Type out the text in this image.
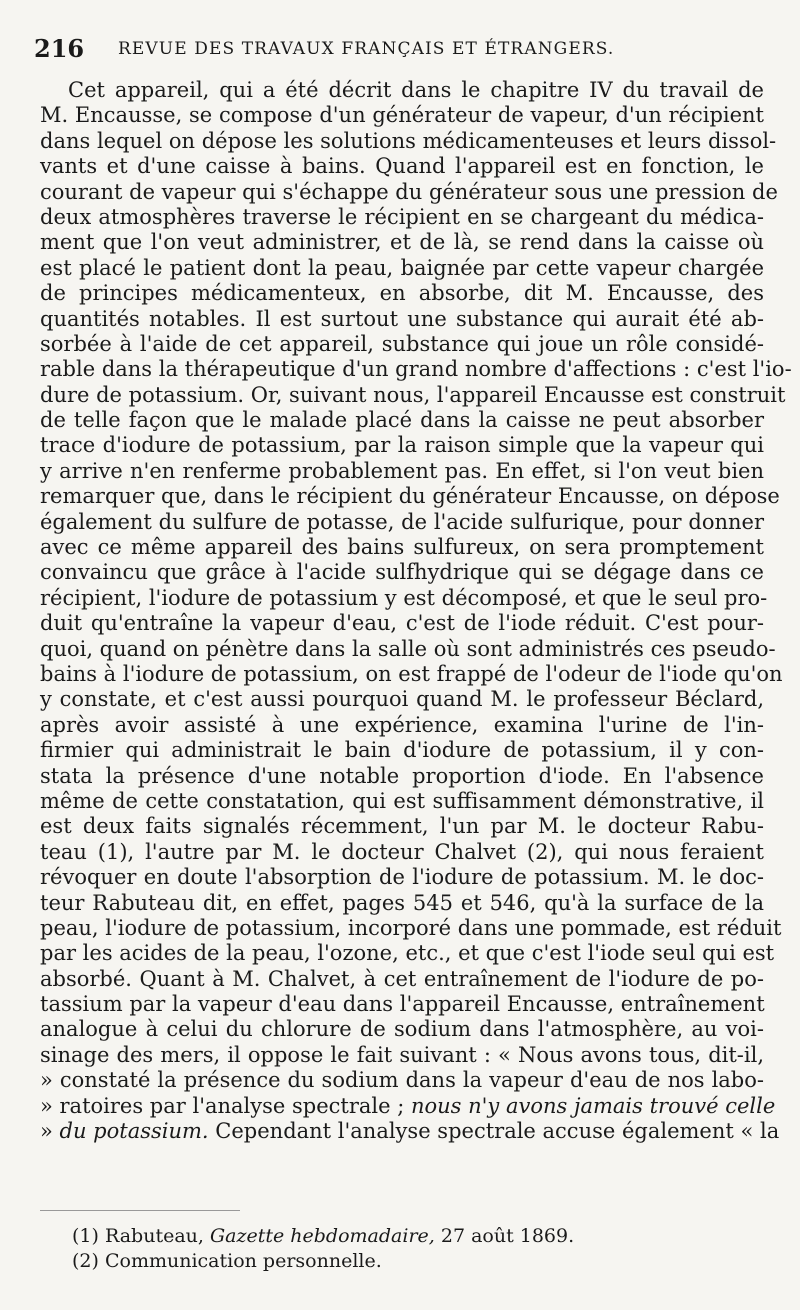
216 REVUE DES TRAVAUX FRANÇAIS ET ÉTRANGERS.
Cet appareil, qui a été décrit dans le chapitre IV du travail de
M. Encausse, se compose d'un générateur de vapeur, d'un récipient
dans lequel on dépose les solutions médicamenteuses et leurs dissol-
vants et d'une caisse à bains. Quand l'appareil est en fonction, le
courant de vapeur qui s'échappe du générateur sous une pression de
deux atmosphères traverse le récipient en se chargeant du médica-
ment que l'on veut administrer, et de là, se rend dans la caisse où
est placé le patient dont la peau, baignée par cette vapeur chargée
de principes médicamenteux, en absorbe, dit M. Encausse, des
quantités notables. Il est surtout une substance qui aurait été ab-
sorbée à l'aide de cet appareil, substance qui joue un rôle considé-
rable dans la thérapeutique d'un grand nombre d'affections : c'est l'io-
dure de potassium. Or, suivant nous, l'appareil Encausse est construit
de telle façon que le malade placé dans la caisse ne peut absorber
trace d'iodure de potassium, par la raison simple que la vapeur qui
y arrive n'en renferme probablement pas. En effet, si l'on veut bien
remarquer que, dans le récipient du générateur Encausse, on dépose
également du sulfure de potasse, de l'acide sulfurique, pour donner
avec ce même appareil des bains sulfureux, on sera promptement
convaincu que grâce à l'acide sulfhydrique qui se dégage dans ce
récipient, l'iodure de potassium y est décomposé, et que le seul pro-
duit qu'entraîne la vapeur d'eau, c'est de l'iode réduit. C'est pour-
quoi, quand on pénètre dans la salle où sont administrés ces pseudo-
bains à l'iodure de potassium, on est frappé de l'odeur de l'iode qu'on
y constate, et c'est aussi pourquoi quand M. le professeur Béclard,
après avoir assisté à une expérience, examina l'urine de l'in-
firmier qui administrait le bain d'iodure de potassium, il y con-
stata la présence d'une notable proportion d'iode. En l'absence
même de cette constatation, qui est suffisamment démonstrative, il
est deux faits signalés récemment, l'un par M. le docteur Rabu-
teau (1), l'autre par M. le docteur Chalvet (2), qui nous feraient
révoquer en doute l'absorption de l'iodure de potassium. M. le doc-
teur Rabuteau dit, en effet, pages 545 et 546, qu'à la surface de la
peau, l'iodure de potassium, incorporé dans une pommade, est réduit
par les acides de la peau, l'ozone, etc., et que c'est l'iode seul qui est
absorbé. Quant à M. Chalvet, à cet entraînement de l'iodure de po-
tassium par la vapeur d'eau dans l'appareil Encausse, entraînement
analogue à celui du chlorure de sodium dans l'atmosphère, au voi-
sinage des mers, il oppose le fait suivant : « Nous avons tous, dit-il,
» constaté la présence du sodium dans la vapeur d'eau de nos labo-
» ratoires par l'analyse spectrale ; nous n'y avons jamais trouvé celle
» du potassium. Cependant l'analyse spectrale accuse également « la
(1) Rabuteau, Gazette hebdomadaire, 27 août 1869.
(2) Communication personnelle.
